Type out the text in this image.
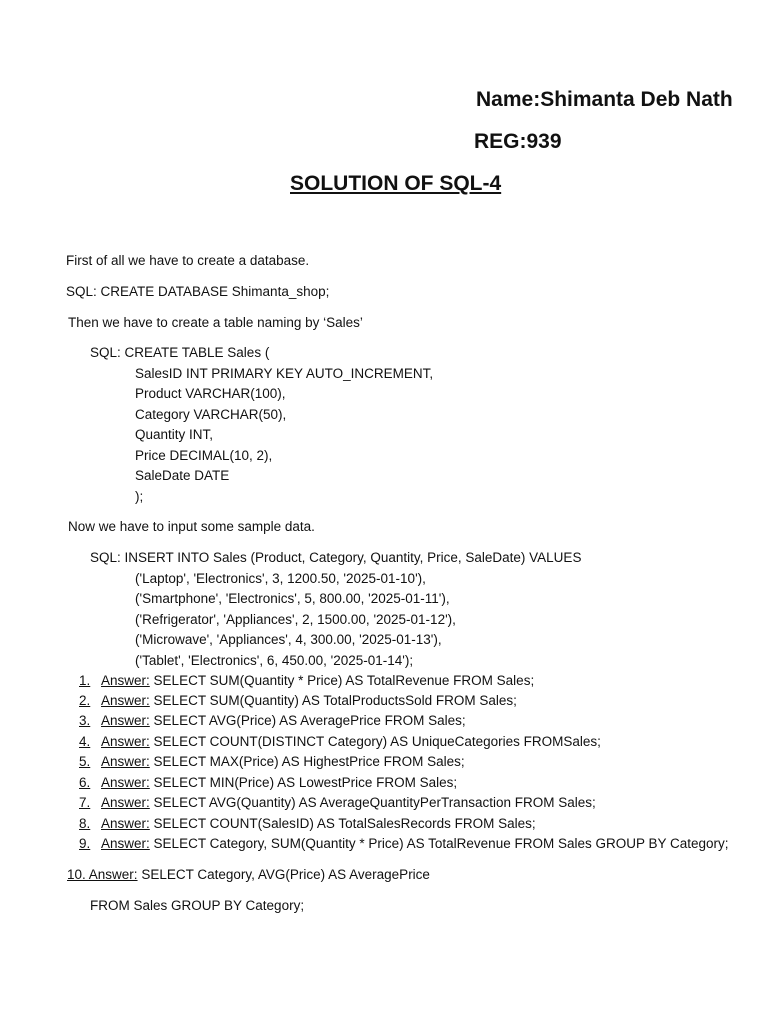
Name:Shimanta Deb Nath
REG:939
SOLUTION OF SQL-4
First of all we have to create a database.
SQL: CREATE DATABASE Shimanta_shop;
Then we have to create a table naming by ‘Sales’
SQL: CREATE TABLE Sales (
SalesID INT PRIMARY KEY AUTO_INCREMENT,
Product VARCHAR(100),
Category VARCHAR(50),
Quantity INT,
Price DECIMAL(10, 2),
SaleDate DATE
);
Now we have to input some sample data.
SQL: INSERT INTO Sales (Product, Category, Quantity, Price, SaleDate) VALUES
('Laptop', 'Electronics', 3, 1200.50, '2025-01-10'),
('Smartphone', 'Electronics', 5, 800.00, '2025-01-11'),
('Refrigerator', 'Appliances', 2, 1500.00, '2025-01-12'),
('Microwave', 'Appliances', 4, 300.00, '2025-01-13'),
('Tablet', 'Electronics', 6, 450.00, '2025-01-14');
1. Answer: SELECT SUM(Quantity * Price) AS TotalRevenue FROM Sales;
2. Answer: SELECT SUM(Quantity) AS TotalProductsSold FROM Sales;
3. Answer: SELECT AVG(Price) AS AveragePrice FROM Sales;
4. Answer: SELECT COUNT(DISTINCT Category) AS UniqueCategories FROMSales;
5. Answer: SELECT MAX(Price) AS HighestPrice FROM Sales;
6. Answer: SELECT MIN(Price) AS LowestPrice FROM Sales;
7. Answer: SELECT AVG(Quantity) AS AverageQuantityPerTransaction FROM Sales;
8. Answer: SELECT COUNT(SalesID) AS TotalSalesRecords FROM Sales;
9. Answer: SELECT Category, SUM(Quantity * Price) AS TotalRevenue FROM Sales GROUP BY Category;
10. Answer: SELECT Category, AVG(Price) AS AveragePrice
FROM Sales GROUP BY Category;
